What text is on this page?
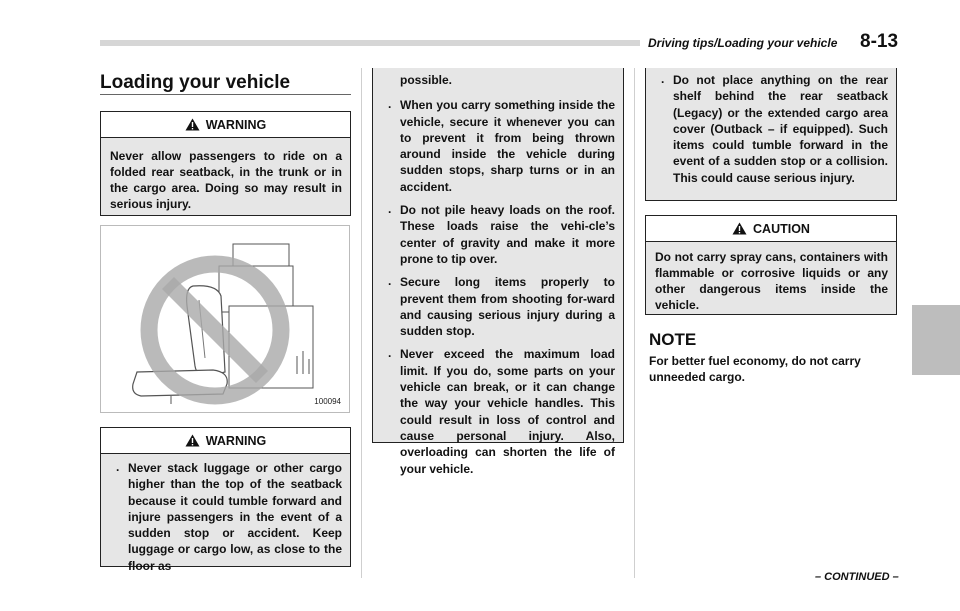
Driving tips/Loading your vehicle 8-13
Loading your vehicle
WARNING
Never allow passengers to ride on a folded rear seatback, in the trunk or in the cargo area. Doing so may result in serious injury.
100094
WARNING
. Never stack luggage or other cargo higher than the top of the seatback because it could tumble forward and injure passengers in the event of a sudden stop or accident. Keep luggage or cargo low, as close to the floor as
possible.
. When you carry something inside the vehicle, secure it whenever you can to prevent it from being thrown around inside the vehicle during sudden stops, sharp turns or in an accident.
. Do not pile heavy loads on the roof. These loads raise the vehi-cle’s center of gravity and make it more prone to tip over.
. Secure long items properly to prevent them from shooting for-ward and causing serious injury during a sudden stop.
. Never exceed the maximum load limit. If you do, some parts on your vehicle can break, or it can change the way your vehicle handles. This could result in loss of control and cause personal injury. Also, overloading can shorten the life of your vehicle.
. Do not place anything on the rear shelf behind the rear seatback (Legacy) or the extended cargo area cover (Outback – if equipped). Such items could tumble forward in the event of a sudden stop or a collision. This could cause serious injury.
CAUTION
Do not carry spray cans, containers with flammable or corrosive liquids or any other dangerous items inside the vehicle.
NOTE
For better fuel economy, do not carry unneeded cargo.
– CONTINUED –
